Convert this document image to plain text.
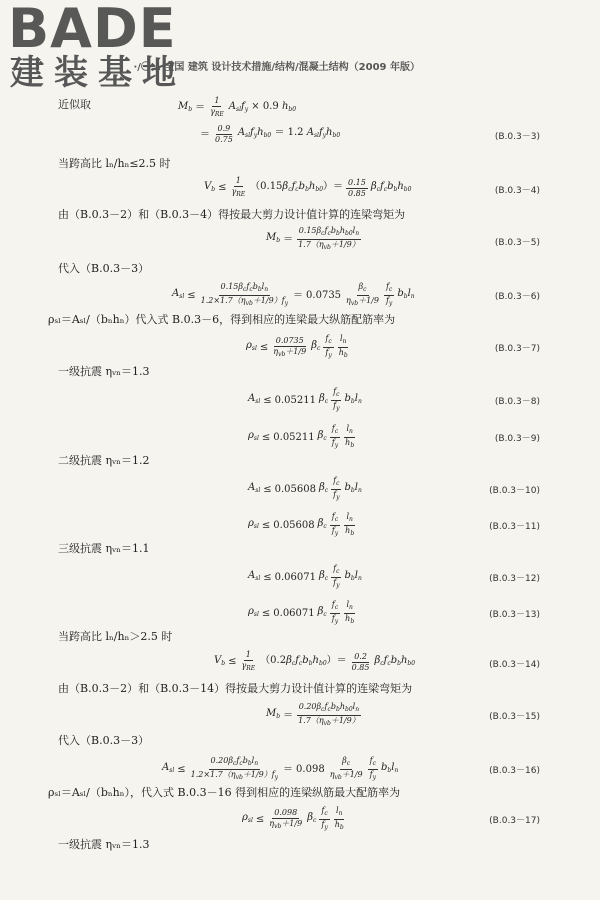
BADE
建装基地
·/〇… 全国 建筑 设计技术措施/结构/混凝土结构（2009 年版）
近似取	$M_b = \frac{1}{\gamma_{RE}} A_{sl}f_y \times 0.9$ $h_{b0}$
＝ $\frac{0.9}{0.75} A_{sl}f_yh_{b0} = 1.2$ $A_{sl}f_yh_{b0}$	(B.0.3－3)
当跨高比 lₙ/hₙ≤2.5 时
$V_b \le \frac{1}{\gamma_{RE}} (0.15\beta_cf_cb_bh_{b0})= \frac{0.15}{0.85} \beta_cf_cb_bh_{b0}$	(B.0.3－4)
由（B.0.3－2）和（B.0.3－4）得按最大剪力设计值计算的连梁弯矩为
$M_b = \frac{0.15\beta_cf_cb_bh_{b0}l_n}{1.7(\eta_{vb}+1/9)}$	(B.0.3－5)
代入（B.0.3－3）
$A_{sl} \le \frac{0.15\beta_cf_cb_bl_n}{1.2\times 1.7(\eta_{vb}+1/9)f_y} = 0.0735 \frac{\beta_c}{\eta_{vb}+1/9} \frac{f_c}{f_y} b_bl_n$	(B.0.3－6)
ρₛₗ＝Aₛₗ/（bₙhₙ）代入式 B.0.3－6，得到相应的连梁最大纵筋配筋率为
$\rho_{sl} \le \frac{0.0735}{\eta_{vb}+1/9} \beta_c \frac{f_c}{f_y} \frac{l_n}{h_b}$	(B.0.3－7)
一级抗震 ηᵥₙ＝1.3
$A_{sl} \le 0.05211$ $\beta_c \frac{f_c}{f_y} b_bl_n$	(B.0.3－8)
$\rho_{sl} \le 0.05211$ $\beta_c \frac{f_c}{f_y} \frac{l_n}{h_b}$	(B.0.3－9)
二级抗震 ηᵥₙ＝1.2
$A_{sl} \le 0.05608$ $\beta_c \frac{f_c}{f_y} b_bl_n$	(B.0.3－10)
$\rho_{sl} \le 0.05608$ $\beta_c \frac{f_c}{f_y} \frac{l_n}{h_b}$	(B.0.3－11)
三级抗震 ηᵥₙ＝1.1
$A_{sl} \le 0.06071$ $\beta_c \frac{f_c}{f_y} b_bl_n$	(B.0.3－12)
$\rho_{sl} \le 0.06071$ $\beta_c \frac{f_c}{f_y} \frac{l_n}{h_b}$	(B.0.3－13)
当跨高比 lₙ/hₙ＞2.5 时
$V_b \le \frac{1}{\gamma_{RE}} (0.2\beta_cf_cb_bh_{b0})= \frac{0.2}{0.85} \beta_cf_cb_bh_{b0}$	(B.0.3－14)
由（B.0.3－2）和（B.0.3－14）得按最大剪力设计值计算的连梁弯矩为
$M_b = \frac{0.20\beta_cf_cb_bh_{b0}l_n}{1.7(\eta_{vb}+1/9)}$	(B.0.3－15)
代入（B.0.3－3）
$A_{sl} \le \frac{0.20\beta_cf_cb_bl_n}{1.2\times 1.7(\eta_{vb}+1/9)f_y} = 0.098 \frac{\beta_c}{\eta_{vb}+1/9} \frac{f_c}{f_y} b_bl_n$	(B.0.3－16)
ρₛₗ＝Aₛₗ/（bₙhₙ），代入式 B.0.3－16 得到相应的连梁纵筋最大配筋率为
$\rho_{sl} \le \frac{0.098}{\eta_{vb}+1/9} \beta_c \frac{f_c}{f_y} \frac{l_n}{h_b}$	(B.0.3－17)
一级抗震 ηᵥₙ＝1.3
